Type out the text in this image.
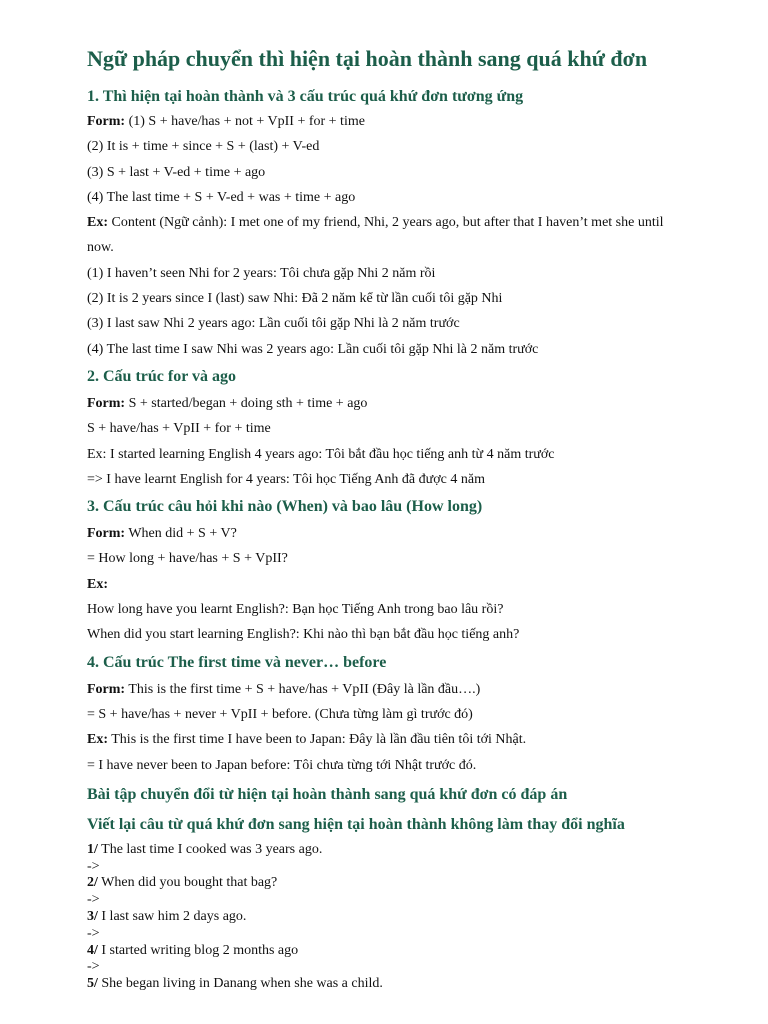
Ngữ pháp chuyển thì hiện tại hoàn thành sang quá khứ đơn
1. Thì hiện tại hoàn thành và 3 cấu trúc quá khứ đơn tương ứng

Form: (1) S + have/has + not + VpII + for + time

(2) It is + time + since + S + (last) + V-ed

(3) S + last + V-ed + time + ago

(4) The last time + S + V-ed + was + time + ago

Ex: Content (Ngữ cảnh): I met one of my friend, Nhi, 2 years ago, but after that I haven’t met she until

now.

(1) I haven’t seen Nhi for 2 years: Tôi chưa gặp Nhi 2 năm rồi

(2) It is 2 years since I (last) saw Nhi: Đã 2 năm kể từ lần cuối tôi gặp Nhi

(3) I last saw Nhi 2 years ago: Lần cuối tôi gặp Nhi là 2 năm trước

(4) The last time I saw Nhi was 2 years ago: Lần cuối tôi gặp Nhi là 2 năm trước

2. Cấu trúc for và ago

Form: S + started/began + doing sth + time + ago

S + have/has + VpII + for + time

Ex: I started learning English 4 years ago: Tôi bắt đầu học tiếng anh từ 4 năm trước

=> I have learnt English for 4 years: Tôi học Tiếng Anh đã được 4 năm

3. Cấu trúc câu hỏi khi nào (When) và bao lâu (How long)

Form: When did + S + V?

= How long + have/has + S + VpII?

Ex:

How long have you learnt English?: Bạn học Tiếng Anh trong bao lâu rồi?

When did you start learning English?: Khi nào thì bạn bắt đầu học tiếng anh?

4. Cấu trúc The first time và never… before

Form: This is the first time + S + have/has + VpII (Đây là lần đầu….)

= S + have/has + never + VpII + before. (Chưa từng làm gì trước đó)

Ex: This is the first time I have been to Japan: Đây là lần đầu tiên tôi tới Nhật.

= I have never been to Japan before: Tôi chưa từng tới Nhật trước đó.

Bài tập chuyển đổi từ hiện tại hoàn thành sang quá khứ đơn có đáp án
Viết lại câu từ quá khứ đơn sang hiện tại hoàn thành không làm thay đổi nghĩa

1/ The last time I cooked was 3 years ago.

->

2/ When did you bought that bag?

->

3/ I last saw him 2 days ago.

->

4/ I started writing blog 2 months ago

->

5/ She began living in Danang when she was a child.
